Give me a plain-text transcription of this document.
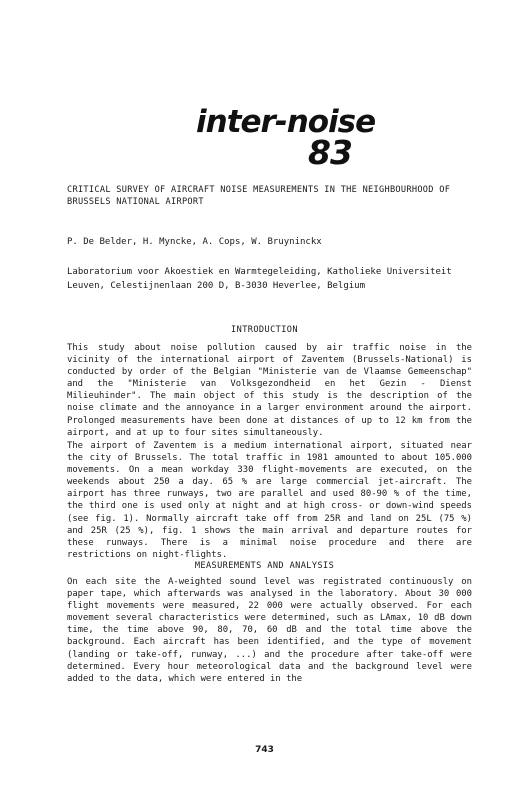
inter-noise
83
CRITICAL SURVEY OF AIRCRAFT NOISE MEASUREMENTS IN THE NEIGHBOURHOOD OF BRUSSELS NATIONAL AIRPORT
P. De Belder, H. Myncke, A. Cops, W. Bruyninckx
Laboratorium voor Akoestiek en Warmtegeleiding, Katholieke Universiteit
Leuven, Celestijnenlaan 200 D, B-3030 Heverlee, Belgium
INTRODUCTION
This study about noise pollution caused by air traffic noise in the vicinity of the international airport of Zaventem (Brussels-National) is conducted by order of the Belgian "Ministerie van de Vlaamse Gemeenschap" and the "Ministerie van Volksgezondheid en het Gezin - Dienst Milieuhinder". The main object of this study is the description of the noise climate and the annoyance in a larger environment around the airport. Prolonged measurements have been done at distances of up to 12 km from the airport, and at up to four sites simultaneously.
The airport of Zaventem is a medium international airport, situated near the city of Brussels. The total traffic in 1981 amounted to about 105.000 movements. On a mean workday 330 flight-movements are executed, on the weekends about 250 a day. 65 % are large commercial jet-aircraft. The airport has three runways, two are parallel and used 80-90 % of the time, the third one is used only at night and at high cross- or down-wind speeds (see fig. 1). Normally aircraft take off from 25R and land on 25L (75 %) and 25R (25 %), fig. 1 shows the main arrival and departure routes for these runways. There is a minimal noise procedure and there are restrictions on night-flights.
MEASUREMENTS AND ANALYSIS
On each site the A-weighted sound level was registrated continuously on paper tape, which afterwards was analysed in the laboratory. About 30 000 flight movements were measured, 22 000 were actually observed. For each movement several characteristics were determined, such as LAmax, 10 dB down time, the time above 90, 80, 70, 60 dB and the total time above the background. Each aircraft has been identified, and the type of movement (landing or take-off, runway, ...) and the procedure after take-off were determined. Every hour meteorological data and the background level were added to the data, which were entered in the
743
